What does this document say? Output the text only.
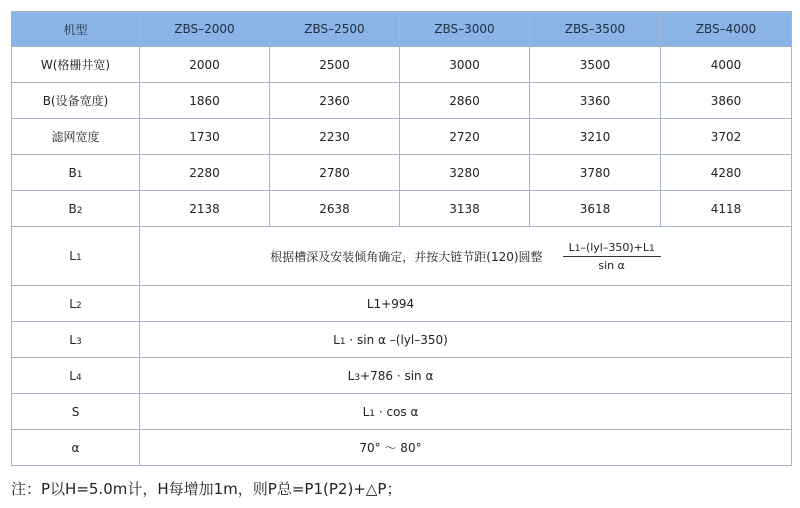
机型	ZBS–2000	ZBS–2500	ZBS–3000	ZBS–3500	ZBS–4000
W(格栅井宽)	2000	2500	3000	3500	4000
B(设备宽度)	1860	2360	2860	3360	3860
滤网宽度	1730	2230	2720	3210	3702
B1	2280	2780	3280	3780	4280
B2	2138	2638	3138	3618	4118
L1	根据槽深及安装倾角确定，并按大链节距(120)圆整 $\frac{\text{L1–(lyl–350)+L1}}{\text{sin α}}$

L2	L1+994				
L3	L1 · sin α –(lyl–350)				
L4	L3+786 · sin α				
S	L1 · cos α				
α	70° ～ 80°				
注：P以H=5.0m计，H每增加1m，则P总=P1(P2)+△P；
